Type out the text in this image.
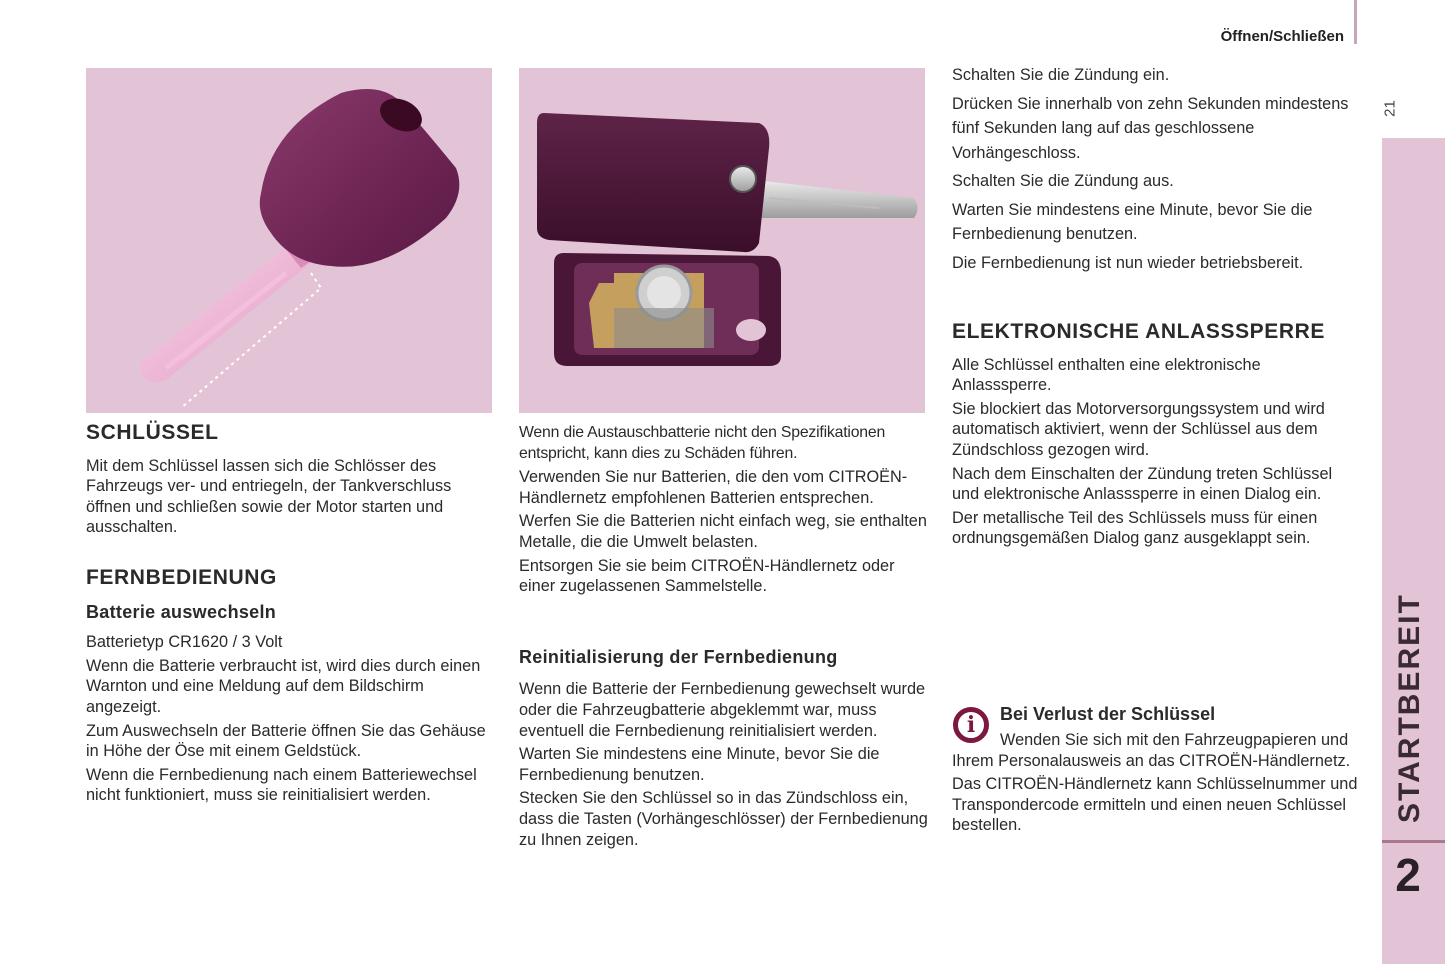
Öffnen/Schließen
21
STARTBEREIT
2
SCHLÜSSEL

Mit dem Schlüssel lassen sich die Schlösser des Fahrzeugs ver- und entriegeln, der Tankverschluss öffnen und schließen sowie der Motor starten und ausschalten.

FERNBEDIENUNG
Batterie auswechseln

Batterietyp CR1620 / 3 Volt

Wenn die Batterie verbraucht ist, wird dies durch einen Warnton und eine Meldung auf dem Bildschirm angezeigt.

Zum Auswechseln der Batterie öffnen Sie das Gehäuse in Höhe der Öse mit einem Geldstück.

Wenn die Fernbedienung nach einem Batteriewechsel nicht funktioniert, muss sie reinitialisiert werden.

Wenn die Austauschbatterie nicht den Spezifikationen entspricht, kann dies zu Schäden führen.

Verwenden Sie nur Batterien, die den vom CITROËN-Händlernetz empfohlenen Batterien entsprechen.

Werfen Sie die Batterien nicht einfach weg, sie enthalten Metalle, die die Umwelt belasten.

Entsorgen Sie sie beim CITROËN-Händlernetz oder einer zugelassenen Sammelstelle.

Reinitialisierung der Fernbedienung

Wenn die Batterie der Fernbedienung gewechselt wurde oder die Fahrzeugbatterie abgeklemmt war, muss eventuell die Fernbedienung reinitialisiert werden.

Warten Sie mindestens eine Minute, bevor Sie die Fernbedienung benutzen.

Stecken Sie den Schlüssel so in das Zündschloss ein, dass die Tasten (Vorhängeschlösser) der Fernbedienung zu Ihnen zeigen.

Schalten Sie die Zündung ein.

Drücken Sie innerhalb von zehn Sekunden mindestens fünf Sekunden lang auf das geschlossene Vorhängeschloss.

Schalten Sie die Zündung aus.

Warten Sie mindestens eine Minute, bevor Sie die Fernbedienung benutzen.

Die Fernbedienung ist nun wieder betriebsbereit.

ELEKTRONISCHE ANLASSSPERRE

Alle Schlüssel enthalten eine elektronische Anlasssperre.

Sie blockiert das Motorversorgungssystem und wird automatisch aktiviert, wenn der Schlüssel aus dem Zündschloss gezogen wird.

Nach dem Einschalten der Zündung treten Schlüssel und elektronische Anlasssperre in einen Dialog ein.

Der metallische Teil des Schlüssels muss für einen ordnungsgemäßen Dialog ganz ausgeklappt sein.

i Bei Verlust der Schlüssel

Wenden Sie sich mit den Fahrzeugpapieren und Ihrem Personalausweis an das CITROËN-Händlernetz.

Das CITROËN-Händlernetz kann Schlüsselnummer und Transpondercode ermitteln und einen neuen Schlüssel bestellen.
